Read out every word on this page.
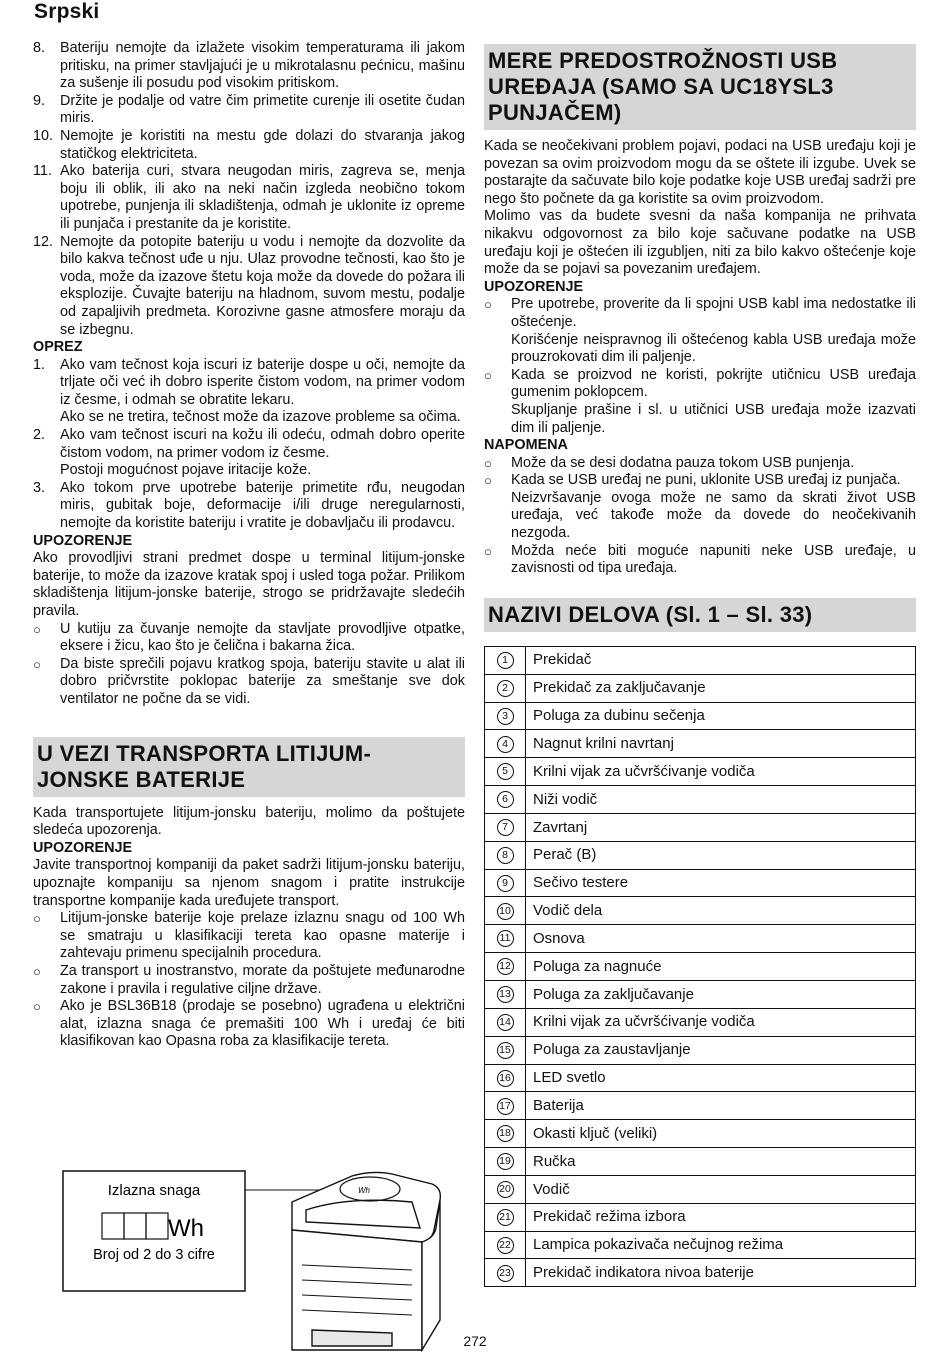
Srpski
8.	Bateriju nemojte da izlažete visokim temperaturama ili jakom pritisku, na primer stavljajući je u mikrotalasnu pećnicu, mašinu za sušenje ili posudu pod visokim pritiskom.
9.	Držite je podalje od vatre čim primetite curenje ili osetite čudan miris.
10. Nemojte je koristiti na mestu gde dolazi do stvaranja jakog statičkog elektriciteta.
11. Ako baterija curi, stvara neugodan miris, zagreva se, menja boju ili oblik, ili ako na neki način izgleda neobično tokom upotrebe, punjenja ili skladištenja, odmah je uklonite iz opreme ili punjača i prestanite da je koristite.
12. Nemojte da potopite bateriju u vodu i nemojte da dozvolite da bilo kakva tečnost uđe u nju. Ulaz provodne tečnosti, kao što je voda, može da izazove štetu koja može da dovede do požara ili eksplozije. Čuvajte bateriju na hladnom, suvom mestu, podalje od zapaljivih predmeta. Korozivne gasne atmosfere moraju da se izbegnu.
OPREZ
1.	Ako vam tečnost koja iscuri iz baterije dospe u oči, nemojte da trljate oči već ih dobro isperite čistom vodom, na primer vodom iz česme, i odmah se obratite lekaru.
Ako se ne tretira, tečnost može da izazove probleme sa očima.
2.	Ako vam tečnost iscuri na kožu ili odeću, odmah dobro operite čistom vodom, na primer vodom iz česme.
Postoji mogućnost pojave iritacije kože.
3.	Ako tokom prve upotrebe baterije primetite rđu, neugodan miris, gubitak boje, deformacije i/ili druge neregularnosti, nemojte da koristite bateriju i vratite je dobavljaču ili prodavcu.
UPOZORENJE

Ako provodljivi strani predmet dospe u terminal litijum-jonske baterije, to može da izazove kratak spoj i usled toga požar. Prilikom skladištenja litijum-jonske baterije, strogo se pridržavajte sledećih pravila.

○	U kutiju za čuvanje nemojte da stavljate provodljive otpatke, eksere i žicu, kao što je čelična i bakarna žica.
○	Da biste sprečili pojavu kratkog spoja, bateriju stavite u alat ili dobro pričvrstite poklopac baterije za smeštanje sve dok ventilator ne počne da se vidi.
U VEZI TRANSPORTA LITIJUM-JONSKE BATERIJE

Kada transportujete litijum-jonsku bateriju, molimo da poštujete sledeća upozorenja.

UPOZORENJE

Javite transportnoj kompaniji da paket sadrži litijum-jonsku bateriju, upoznajte kompaniju sa njenom snagom i pratite instrukcije transportne kompanije kada uređujete transport.

○	Litijum-jonske baterije koje prelaze izlaznu snagu od 100 Wh se smatraju u klasifikaciji tereta kao opasne materije i zahtevaju primenu specijalnih procedura.
○	Za transport u inostranstvo, morate da poštujete međunarodne zakone i pravila i regulative ciljne države.
○	Ako je BSL36B18 (prodaje se posebno) ugrađena u električni alat, izlazna snaga će premašiti 100 Wh i uređaj će biti klasifikovan kao Opasna roba za klasifikacije tereta.
Izlazna snaga
Wh
Broj od 2 do 3 cifre
Wh
MERE PREDOSTROŽNOSTI USB UREĐAJA (SAMO SA UC18YSL3 PUNJAČEM)

Kada se neočekivani problem pojavi, podaci na USB uređaju koji je povezan sa ovim proizvodom mogu da se oštete ili izgube. Uvek se postarajte da sačuvate bilo koje podatke koje USB uređaj sadrži pre nego što počnete da ga koristite sa ovim proizvodom.

Molimo vas da budete svesni da naša kompanija ne prihvata nikakvu odgovornost za bilo koje sačuvane podatke na USB uređaju koji je oštećen ili izgubljen, niti za bilo kakvo oštećenje koje može da se pojavi sa povezanim uređajem.

UPOZORENJE
○	Pre upotrebe, proverite da li spojni USB kabl ima nedostatke ili oštećenje.
Korišćenje neispravnog ili oštećenog kabla USB uređaja može prouzrokovati dim ili paljenje.
○	Kada se proizvod ne koristi, pokrijte utičnicu USB uređaja gumenim poklopcem.
Skupljanje prašine i sl. u utičnici USB uređaja može izazvati dim ili paljenje.
NAPOMENA
○	Može da se desi dodatna pauza tokom USB punjenja.
○	Kada se USB uređaj ne puni, uklonite USB uređaj iz punjača.
Neizvršavanje ovoga može ne samo da skrati život USB uređaja, već takođe može da dovede do neočekivanih nezgoda.
○	Možda neće biti moguće napuniti neke USB uređaje, u zavisnosti od tipa uređaja.
NAZIVI DELOVA (Sl. 1 – Sl. 33)
1	Prekidač
2	Prekidač za zaključavanje
3	Poluga za dubinu sečenja
4	Nagnut krilni navrtanj
5	Krilni vijak za učvršćivanje vodiča
6	Niži vodič
7	Zavrtanj
8	Perač (B)
9	Sečivo testere
10	Vodič dela
11	Osnova
12	Poluga za nagnuće
13	Poluga za zaključavanje
14	Krilni vijak za učvršćivanje vodiča
15	Poluga za zaustavljanje
16	LED svetlo
17	Baterija
18	Okasti ključ (veliki)
19	Ručka
20	Vodič
21	Prekidač režima izbora
22	Lampica pokazivača nečujnog režima
23	Prekidač indikatora nivoa baterije
272
